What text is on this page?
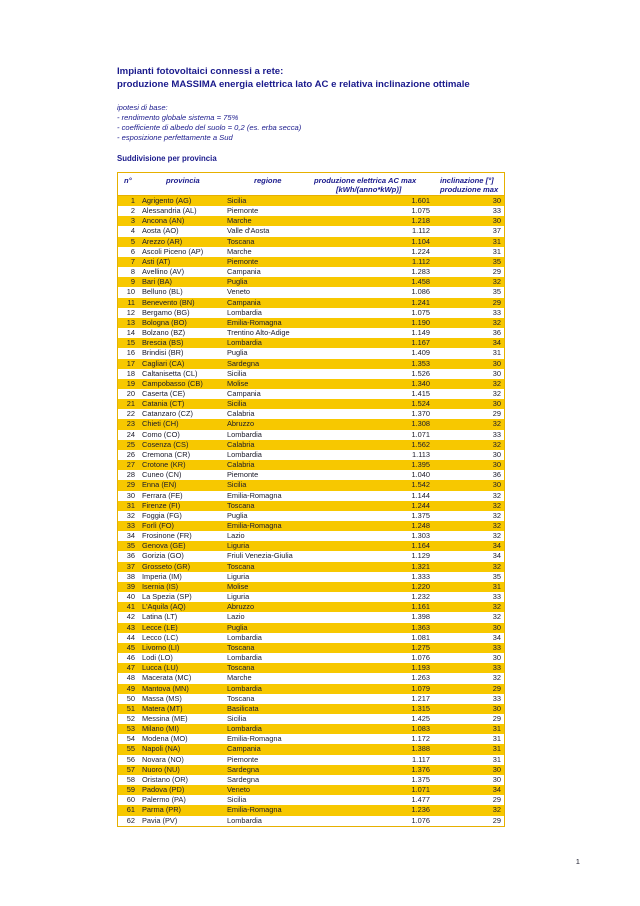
Impianti fotovoltaici connessi a rete:
produzione MASSIMA energia elettrica lato AC e relativa inclinazione ottimale
ipotesi di base:
- rendimento globale sistema = 75%
- coefficiente di albedo del suolo = 0,2 (es. erba secca)
- esposizione perfettamente a Sud
Suddivisione per provincia
n°	provincia	regione	produzione elettrica AC max
[kWh/(anno*kWp)]
inclinazione [°]
produzione max
1 Agrigento (AG)	Sicilia	1.601	30
2 Alessandria (AL)	Piemonte	1.075	33
3 Ancona (AN)	Marche	1.218	30
4 Aosta (AO)	Valle d'Aosta	1.112	37
5 Arezzo (AR)	Toscana	1.104	31
6 Ascoli Piceno (AP)	Marche	1.224	31
7 Asti (AT)	Piemonte	1.112	35
8 Avellino (AV)	Campania	1.283	29
9 Bari (BA)	Puglia	1.458	32
10 Belluno (BL)	Veneto	1.086	35
11 Benevento (BN)	Campania	1.241	29
12 Bergamo (BG)	Lombardia	1.075	33
13 Bologna (BO)	Emilia-Romagna	1.190	32
14 Bolzano (BZ)	Trentino Alto-Adige	1.149	36
15 Brescia (BS)	Lombardia	1.167	34
16 Brindisi (BR)	Puglia	1.409	31
17 Cagliari (CA)	Sardegna	1.353	30
18 Caltanisetta (CL)	Sicilia	1.526	30
19 Campobasso (CB)	Molise	1.340	32
20 Caserta (CE)	Campania	1.415	32
21 Catania (CT)	Sicilia	1.524	30
22 Catanzaro (CZ)	Calabria	1.370	29
23 Chieti (CH)	Abruzzo	1.308	32
24 Como (CO)	Lombardia	1.071	33
25 Cosenza (CS)	Calabria	1.562	32
26 Cremona (CR)	Lombardia	1.113	30
27 Crotone (KR)	Calabria	1.395	30
28 Cuneo (CN)	Piemonte	1.040	36
29 Enna (EN)	Sicilia	1.542	30
30 Ferrara (FE)	Emilia-Romagna	1.144	32
31 Firenze (FI)	Toscana	1.244	32
32 Foggia (FG)	Puglia	1.375	32
33 Forlì (FO)	Emilia-Romagna	1.248	32
34 Frosinone (FR)	Lazio	1.303	32
35 Genova (GE)	Liguria	1.164	34
36 Gorizia (GO)	Friuli Venezia-Giulia	1.129	34
37 Grosseto (GR)	Toscana	1.321	32
38 Imperia (IM)	Liguria	1.333	35
39 Isernia (IS)	Molise	1.220	31
40 La Spezia (SP)	Liguria	1.232	33
41 L'Aquila (AQ)	Abruzzo	1.161	32
42 Latina (LT)	Lazio	1.398	32
43 Lecce (LE)	Puglia	1.363	30
44 Lecco (LC)	Lombardia	1.081	34
45 Livorno (LI)	Toscana	1.275	33
46 Lodi (LO)	Lombardia	1.076	30
47 Lucca (LU)	Toscana	1.193	33
48 Macerata (MC)	Marche	1.263	32
49 Mantova (MN)	Lombardia	1.079	29
50 Massa (MS)	Toscana	1.217	33
51 Matera (MT)	Basilicata	1.315	30
52 Messina (ME)	Sicilia	1.425	29
53 Milano (MI)	Lombardia	1.083	31
54 Modena (MO)	Emilia-Romagna	1.172	31
55 Napoli (NA)	Campania	1.388	31
56 Novara (NO)	Piemonte	1.117	31
57 Nuoro (NU)	Sardegna	1.376	30
58 Oristano (OR)	Sardegna	1.375	30
59 Padova (PD)	Veneto	1.071	34
60 Palermo (PA)	Sicilia	1.477	29
61 Parma (PR)	Emilia-Romagna	1.236	32
62 Pavia (PV)	Lombardia	1.076	29
1
